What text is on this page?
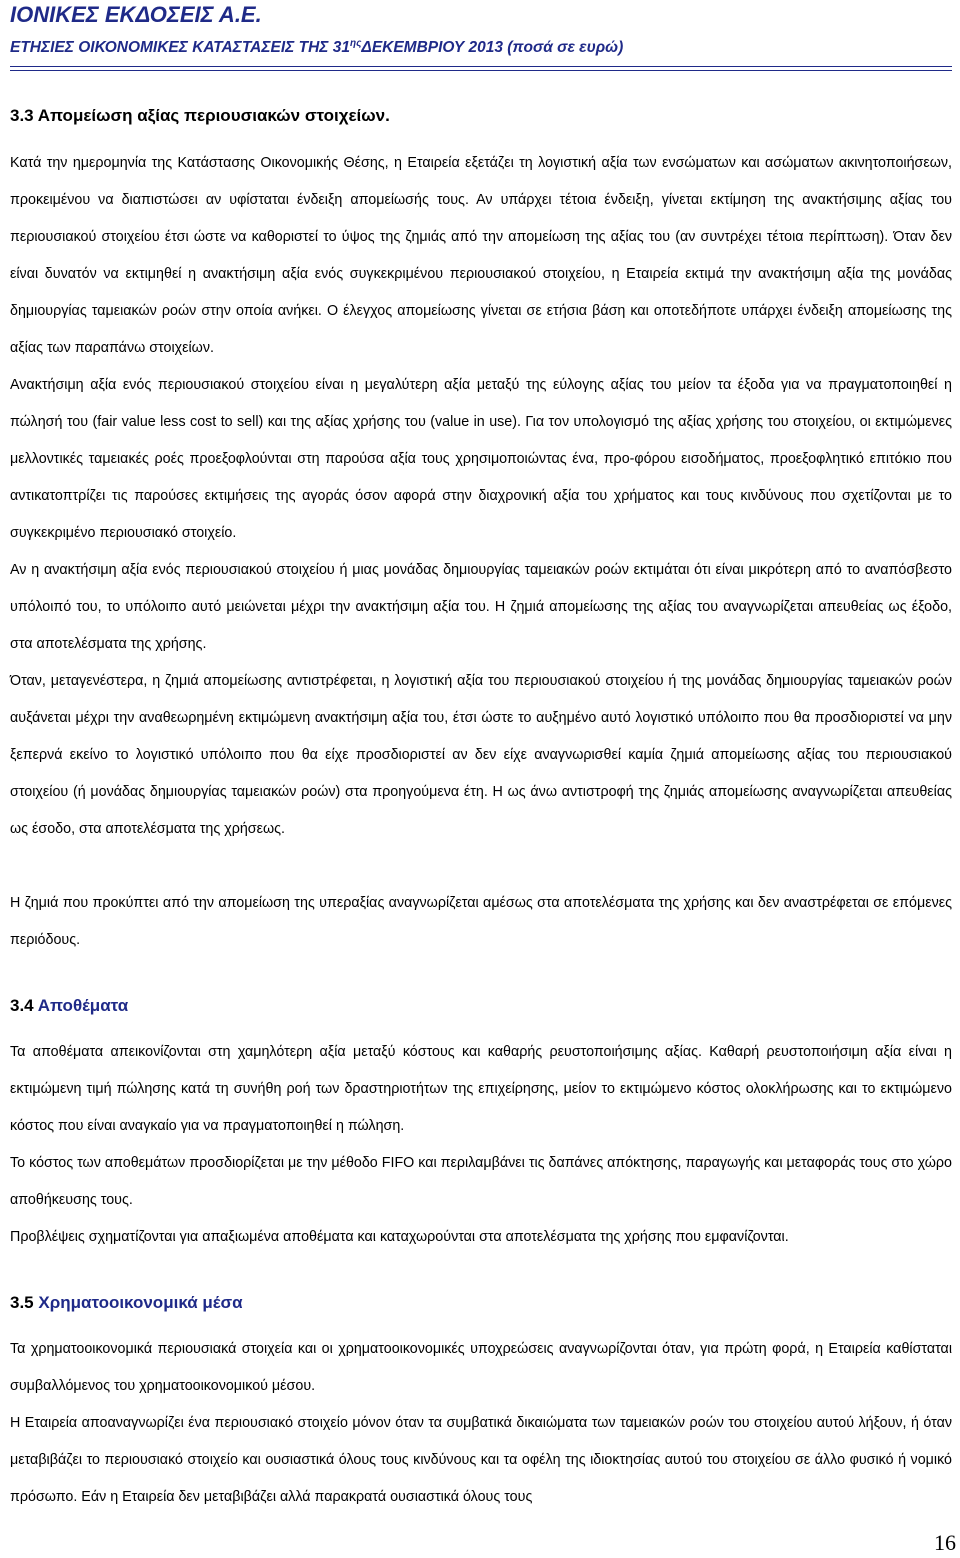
ΙΟΝΙΚΕΣ ΕΚΔΟΣΕΙΣ Α.Ε.
ΕΤΗΣΙΕΣ ΟΙΚΟΝΟΜΙΚΕΣ ΚΑΤΑΣΤΑΣΕΙΣ ΤΗΣ $31^{\eta\varsigma}\Delta EKEMBPIO\Upsilon$ 2013 (ποσά σε ευρώ)
3.3 Απομείωση αξίας περιουσιακών στοιχείων.
Κατά την ημερομηνία της Κατάστασης Οικονομικής Θέσης, η Εταιρεία εξετάζει τη λογιστική αξία των ενσώματων και ασώματων ακινητοποιήσεων, προκειμένου να διαπιστώσει αν υφίσταται ένδειξη απομείωσής τους. Αν υπάρχει τέτοια ένδειξη, γίνεται εκτίμηση της ανακτήσιμης αξίας του περιουσιακού στοιχείου έτσι ώστε να καθοριστεί το ύψος της ζημιάς από την απομείωση της αξίας του (αν συντρέχει τέτοια περίπτωση). Όταν δεν είναι δυνατόν να εκτιμηθεί η ανακτήσιμη αξία ενός συγκεκριμένου περιουσιακού στοιχείου, η Εταιρεία εκτιμά την ανακτήσιμη αξία της μονάδας δημιουργίας ταμειακών ροών στην οποία ανήκει. Ο έλεγχος απομείωσης γίνεται σε ετήσια βάση και οποτεδήποτε υπάρχει ένδειξη απομείωσης της αξίας των παραπάνω στοιχείων.
Ανακτήσιμη αξία ενός περιουσιακού στοιχείου είναι η μεγαλύτερη αξία μεταξύ της εύλογης αξίας του μείον τα έξοδα για να πραγματοποιηθεί η πώλησή του (fair value less cost to sell) και της αξίας χρήσης του (value in use). Για τον υπολογισμό της αξίας χρήσης του στοιχείου, οι εκτιμώμενες μελλοντικές ταμειακές ροές προεξοφλούνται στη παρούσα αξία τους χρησιμοποιώντας ένα, προ-φόρου εισοδήματος, προεξοφλητικό επιτόκιο που αντικατοπτρίζει τις παρούσες εκτιμήσεις της αγοράς όσον αφορά στην διαχρονική αξία του χρήματος και τους κινδύνους που σχετίζονται με το συγκεκριμένο περιουσιακό στοιχείο.
Αν η ανακτήσιμη αξία ενός περιουσιακού στοιχείου ή μιας μονάδας δημιουργίας ταμειακών ροών εκτιμάται ότι είναι μικρότερη από το αναπόσβεστο υπόλοιπό του, το υπόλοιπο αυτό μειώνεται μέχρι την ανακτήσιμη αξία του. Η ζημιά απομείωσης της αξίας του αναγνωρίζεται απευθείας ως έξοδο, στα αποτελέσματα της χρήσης.
Όταν, μεταγενέστερα, η ζημιά απομείωσης αντιστρέφεται, η λογιστική αξία του περιουσιακού στοιχείου ή της μονάδας δημιουργίας ταμειακών ροών αυξάνεται μέχρι την αναθεωρημένη εκτιμώμενη ανακτήσιμη αξία του, έτσι ώστε το αυξημένο αυτό λογιστικό υπόλοιπο που θα προσδιοριστεί να μην ξεπερνά εκείνο το λογιστικό υπόλοιπο που θα είχε προσδιοριστεί αν δεν είχε αναγνωρισθεί καμία ζημιά απομείωσης αξίας του περιουσιακού στοιχείου (ή μονάδας δημιουργίας ταμειακών ροών) στα προηγούμενα έτη. Η ως άνω αντιστροφή της ζημιάς απομείωσης αναγνωρίζεται απευθείας ως έσοδο, στα αποτελέσματα της χρήσεως.
Η ζημιά που προκύπτει από την απομείωση της υπεραξίας αναγνωρίζεται αμέσως στα αποτελέσματα της χρήσης και δεν αναστρέφεται σε επόμενες περιόδους.
3.4 Αποθέματα
Τα αποθέματα απεικονίζονται στη χαμηλότερη αξία μεταξύ κόστους και καθαρής ρευστοποιήσιμης αξίας. Καθαρή ρευστοποιήσιμη αξία είναι η εκτιμώμενη τιμή πώλησης κατά τη συνήθη ροή των δραστηριοτήτων της επιχείρησης, μείον το εκτιμώμενο κόστος ολοκλήρωσης και το εκτιμώμενο κόστος που είναι αναγκαίο για να πραγματοποιηθεί η πώληση.
Το κόστος των αποθεμάτων προσδιορίζεται με την μέθοδο FIFO και περιλαμβάνει τις δαπάνες απόκτησης, παραγωγής και μεταφοράς τους στο χώρο αποθήκευσης τους.
Προβλέψεις σχηματίζονται για απαξιωμένα αποθέματα και καταχωρούνται στα αποτελέσματα της χρήσης που εμφανίζονται.
3.5 Χρηματοοικονομικά μέσα
Τα χρηματοοικονομικά περιουσιακά στοιχεία και οι χρηματοοικονομικές υποχρεώσεις αναγνωρίζονται όταν, για πρώτη φορά, η Εταιρεία καθίσταται συμβαλλόμενος του χρηματοοικονομικού μέσου.
Η Εταιρεία αποαναγνωρίζει ένα περιουσιακό στοιχείο μόνον όταν τα συμβατικά δικαιώματα των ταμειακών ροών του στοιχείου αυτού λήξουν, ή όταν μεταβιβάζει το περιουσιακό στοιχείο και ουσιαστικά όλους τους κινδύνους και τα οφέλη της ιδιοκτησίας αυτού του στοιχείου σε άλλο φυσικό ή νομικό πρόσωπο. Εάν η Εταιρεία δεν μεταβιβάζει αλλά παρακρατά ουσιαστικά όλους τους
16
